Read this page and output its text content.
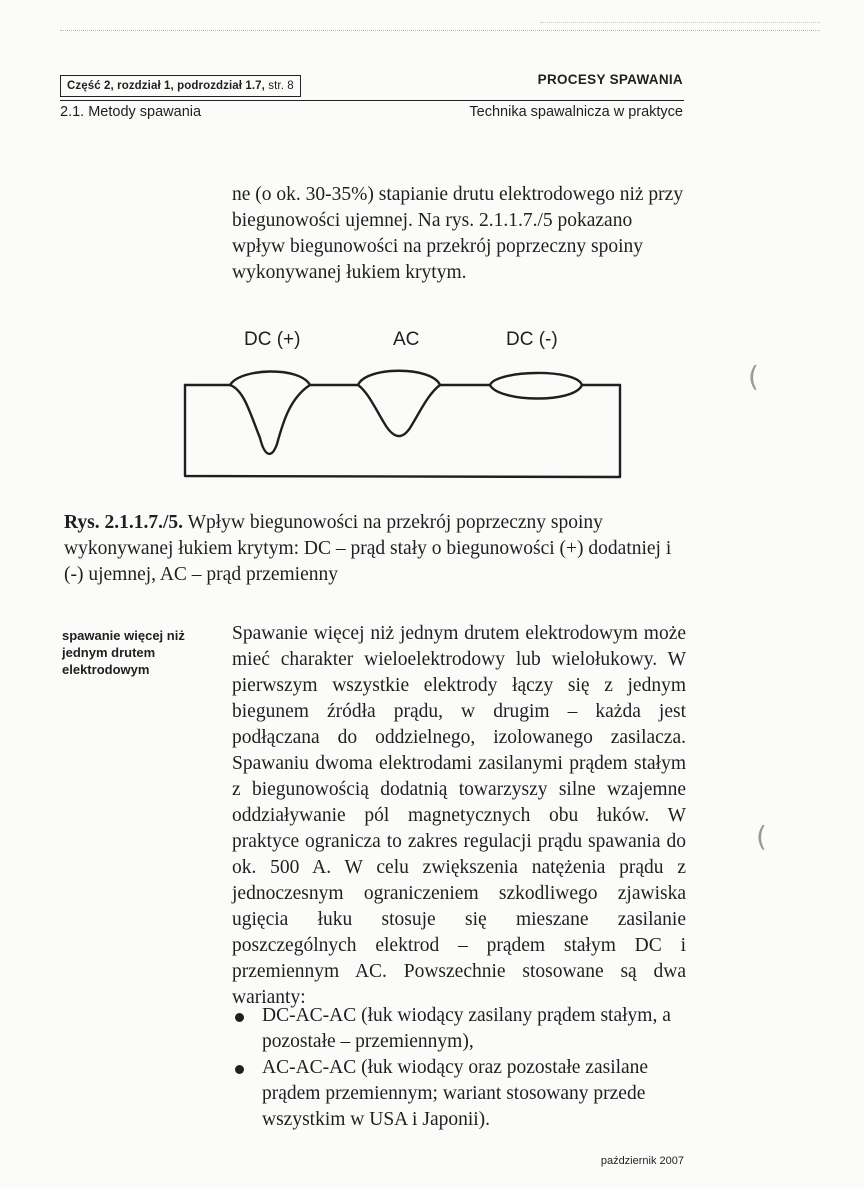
Część 2, rozdział 1, podrozdział 1.7, str. 8	PROCESY SPAWANIA
2.1. Metody spawania	Technika spawalnicza w praktyce

ne (o ok. 30-35%) stapianie drutu elektrodowego niż przy biegunowości ujemnej. Na rys. 2.1.1.7./5 pokazano wpływ biegunowości na przekrój poprzeczny spoiny wykonywanej łukiem krytym.

DC (+)	AC	DC (-)

Rys. 2.1.1.7./5. Wpływ biegunowości na przekrój poprzeczny spoiny wykonywanej łukiem krytym: DC – prąd stały o biegunowości (+) dodatniej i (-) ujemnej, AC – prąd przemienny

spawanie więcej niż jednym drutem elektrodowym

Spawanie więcej niż jednym drutem elektrodowym może mieć charakter wieloelektrodowy lub wielołukowy. W pierwszym wszystkie elektrody łączy się z jednym biegunem źródła prądu, w drugim – każda jest podłączana do oddzielnego, izolowanego zasilacza. Spawaniu dwoma elektrodami zasilanymi prądem stałym z biegunowością dodatnią towarzyszy silne wzajemne oddziaływanie pól magnetycznych obu łuków. W praktyce ogranicza to zakres regulacji prądu spawania do ok. 500 A. W celu zwiększenia natężenia prądu z jednoczesnym ograniczeniem szkodliwego zjawiska ugięcia łuku stosuje się mieszane zasilanie poszczególnych elektrod – prądem stałym DC i przemiennym AC. Powszechnie stosowane są dwa warianty:

DC-AC-AC (łuk wiodący zasilany prądem stałym, a pozostałe – przemiennym),
AC-AC-AC (łuk wiodący oraz pozostałe zasilane prądem przemiennym; wariant stosowany przede wszystkim w USA i Japonii).
październik 2007
(
(
